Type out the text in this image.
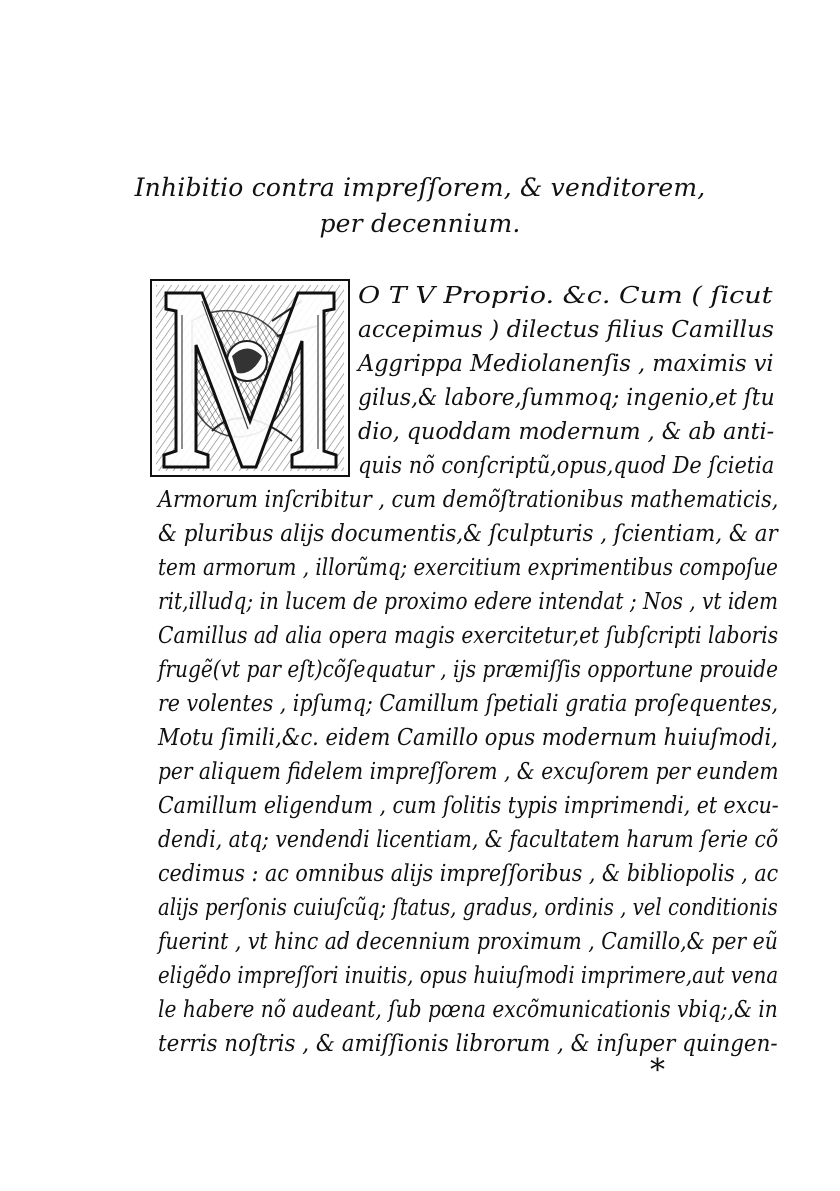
Inhibitio contra impreſſorem, & venditorem,
per decennium.
O T V Proprio. &c. Cum ( ſicut
accepimus ) dilectus filius Camillus
Aggrippa Mediolanenſis , maximis vi
gilus,& labore,ſummoq; ingenio,et ſtu
dio, quoddam modernum , & ab anti-
quis nõ conſcriptũ,opus,quod De ſcietia
Armorum inſcribitur , cum demõſtrationibus mathematicis,
& pluribus alijs documentis,& ſculpturis , ſcientiam, & ar
tem armorum , illorũmq; exercitium exprimentibus compoſue
rit,illudq; in lucem de proximo edere intendat ; Nos , vt idem
Camillus ad alia opera magis exercitetur,et ſubſcripti laboris
frugẽ(vt par eſt)cõſequatur , ijs præmiſſis opportune prouide
re volentes , ipſumq; Camillum ſpetiali gratia proſequentes,
Motu ſimili,&c. eidem Camillo opus modernum huiuſmodi,
per aliquem fidelem impreſſorem , & excuſorem per eundem
Camillum eligendum , cum ſolitis typis imprimendi, et excu-
dendi, atq; vendendi licentiam, & facultatem harum ſerie cõ
cedimus : ac omnibus alijs impreſſoribus , & bibliopolis , ac
alijs perſonis cuiuſcũq; ſtatus, gradus, ordinis , vel conditionis
fuerint , vt hinc ad decennium proximum , Camillo,& per eũ
eligẽdo impreſſori inuitis, opus huiuſmodi imprimere,aut vena
le habere nõ audeant, ſub pœna excõmunicationis vbiq;,& in
terris noſtris , & amiſſionis librorum , & inſuper quingen-
*
